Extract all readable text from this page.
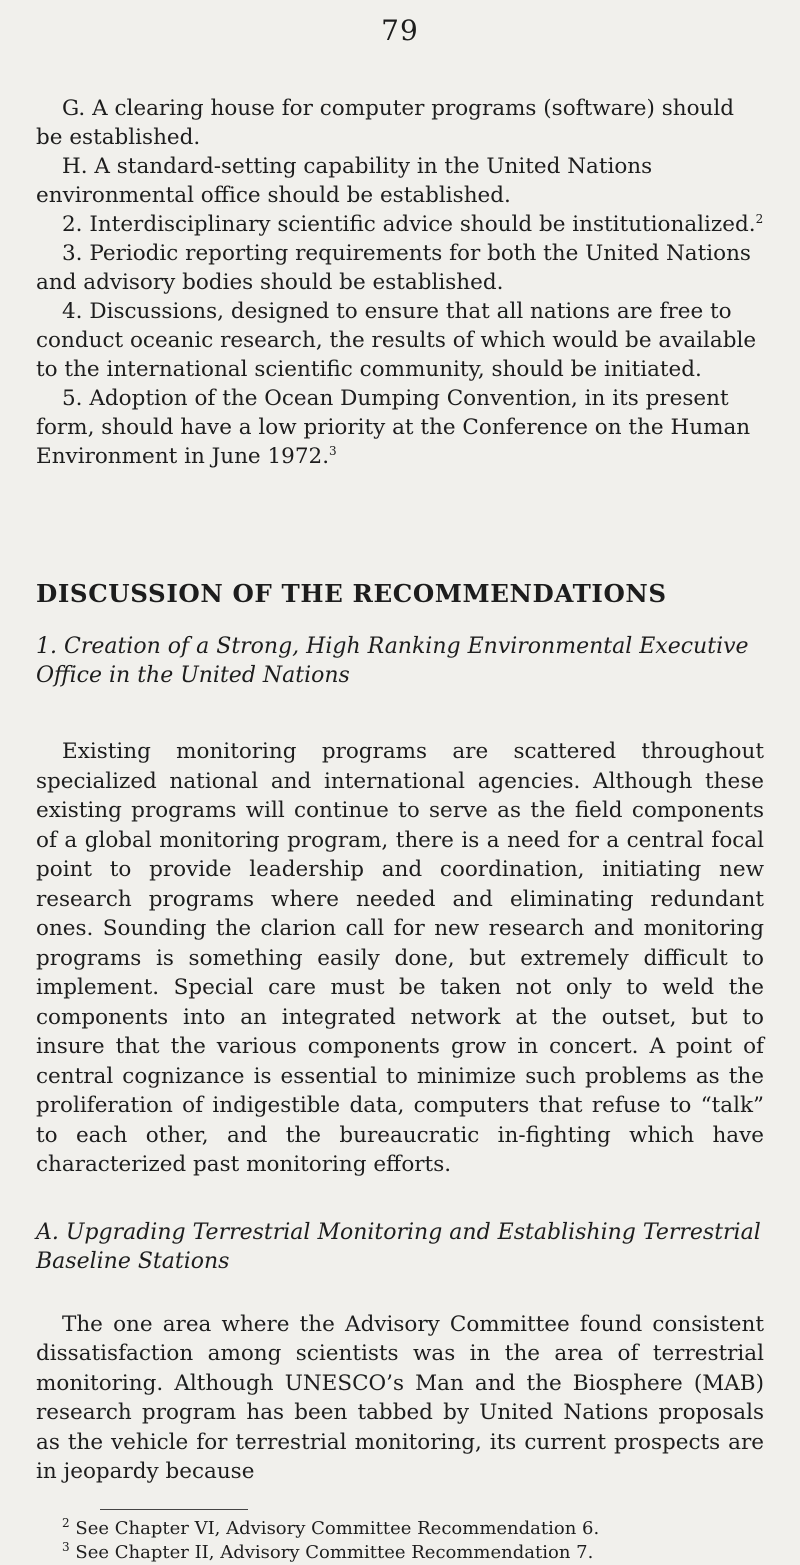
79

G. A clearing house for computer programs (software) should be established.

H. A standard-setting capability in the United Nations environmental office should be established.

2. Interdisciplinary scientific advice should be institutionalized.$^2$

3. Periodic reporting requirements for both the United Nations and advisory bodies should be established.

4. Discussions, designed to ensure that all nations are free to conduct oceanic research, the results of which would be available to the international scientific community, should be initiated.

5. Adoption of the Ocean Dumping Convention, in its present form, should have a low priority at the Conference on the Human Environment in June 1972.$^3$

DISCUSSION OF THE RECOMMENDATIONS

1. Creation of a Strong, High Ranking Environmental Executive Office in the United Nations

Existing monitoring programs are scattered throughout specialized national and international agencies. Although these existing programs will continue to serve as the field components of a global monitoring program, there is a need for a central focal point to provide leadership and coordination, initiating new research programs where needed and eliminating redundant ones. Sounding the clarion call for new research and monitoring programs is something easily done, but extremely difficult to implement. Special care must be taken not only to weld the components into an integrated network at the outset, but to insure that the various components grow in concert. A point of central cognizance is essential to minimize such problems as the proliferation of indigestible data, computers that refuse to “talk” to each other, and the bureaucratic in-fighting which have characterized past monitoring efforts.

A. Upgrading Terrestrial Monitoring and Establishing Terrestrial Baseline Stations

The one area where the Advisory Committee found consistent dissatisfaction among scientists was in the area of terrestrial monitoring. Although UNESCO’s Man and the Biosphere (MAB) research program has been tabbed by United Nations proposals as the vehicle for terrestrial monitoring, its current prospects are in jeopardy because

$^2$ See Chapter VI, Advisory Committee Recommendation 6.

$^3$ See Chapter II, Advisory Committee Recommendation 7.
